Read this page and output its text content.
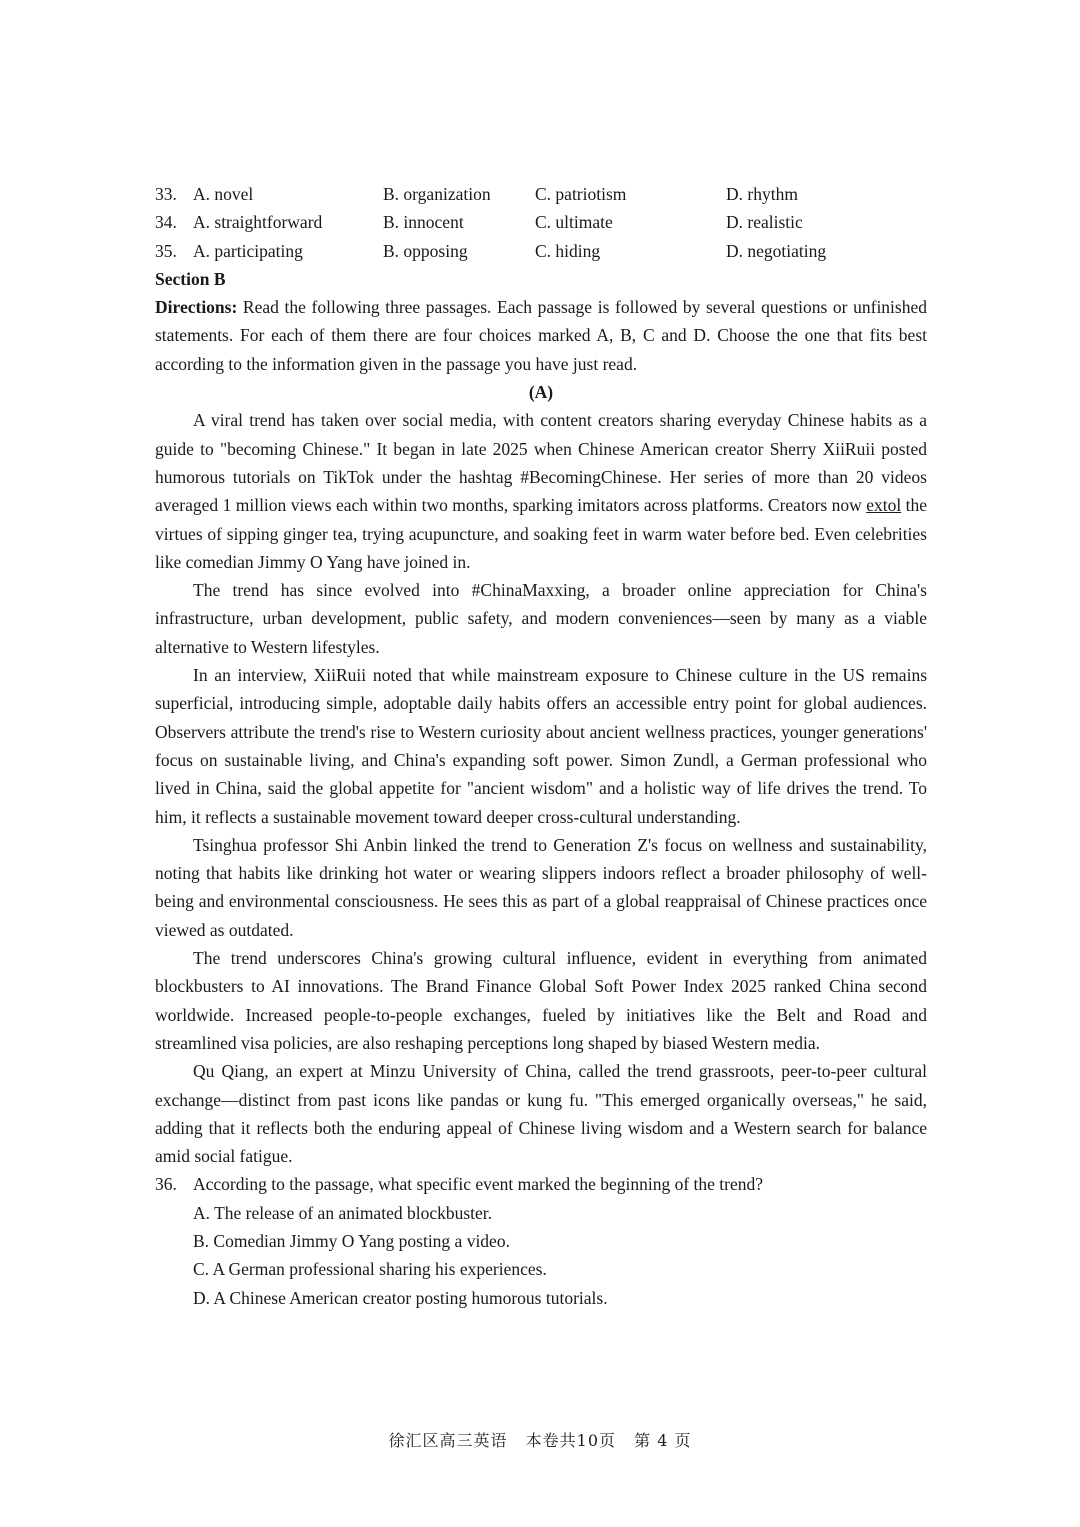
33. A. novel	B. organization	C. patriotism	D. rhythm
34. A. straightforward	B. innocent	C. ultimate	D. realistic
35. A. participating	B. opposing	C. hiding	D. negotiating
Section B
Directions: Read the following three passages. Each passage is followed by several questions or unfinished statements. For each of them there are four choices marked A, B, C and D. Choose the one that fits best according to the information given in the passage you have just read.
(A)
A viral trend has taken over social media, with content creators sharing everyday Chinese habits as a guide to "becoming Chinese." It began in late 2025 when Chinese American creator Sherry XiiRuii posted humorous tutorials on TikTok under the hashtag #BecomingChinese. Her series of more than 20 videos averaged 1 million views each within two months, sparking imitators across platforms. Creators now extol the virtues of sipping ginger tea, trying acupuncture, and soaking feet in warm water before bed. Even celebrities like comedian Jimmy O Yang have joined in.
The trend has since evolved into #ChinaMaxxing, a broader online appreciation for China's infrastructure, urban development, public safety, and modern conveniences—seen by many as a viable alternative to Western lifestyles.
In an interview, XiiRuii noted that while mainstream exposure to Chinese culture in the US remains superficial, introducing simple, adoptable daily habits offers an accessible entry point for global audiences. Observers attribute the trend's rise to Western curiosity about ancient wellness practices, younger generations' focus on sustainable living, and China's expanding soft power. Simon Zundl, a German professional who lived in China, said the global appetite for "ancient wisdom" and a holistic way of life drives the trend. To him, it reflects a sustainable movement toward deeper cross-cultural understanding.
Tsinghua professor Shi Anbin linked the trend to Generation Z's focus on wellness and sustainability, noting that habits like drinking hot water or wearing slippers indoors reflect a broader philosophy of well-being and environmental consciousness. He sees this as part of a global reappraisal of Chinese practices once viewed as outdated.
The trend underscores China's growing cultural influence, evident in everything from animated blockbusters to AI innovations. The Brand Finance Global Soft Power Index 2025 ranked China second worldwide. Increased people-to-people exchanges, fueled by initiatives like the Belt and Road and streamlined visa policies, are also reshaping perceptions long shaped by biased Western media.
Qu Qiang, an expert at Minzu University of China, called the trend grassroots, peer-to-peer cultural exchange—distinct from past icons like pandas or kung fu. "This emerged organically overseas," he said, adding that it reflects both the enduring appeal of Chinese living wisdom and a Western search for balance amid social fatigue.
36. According to the passage, what specific event marked the beginning of the trend?
A. The release of an animated blockbuster.
B. Comedian Jimmy O Yang posting a video.
C. A German professional sharing his experiences.
D. A Chinese American creator posting humorous tutorials.
徐汇区高三英语 本卷共10页 第 4 页
